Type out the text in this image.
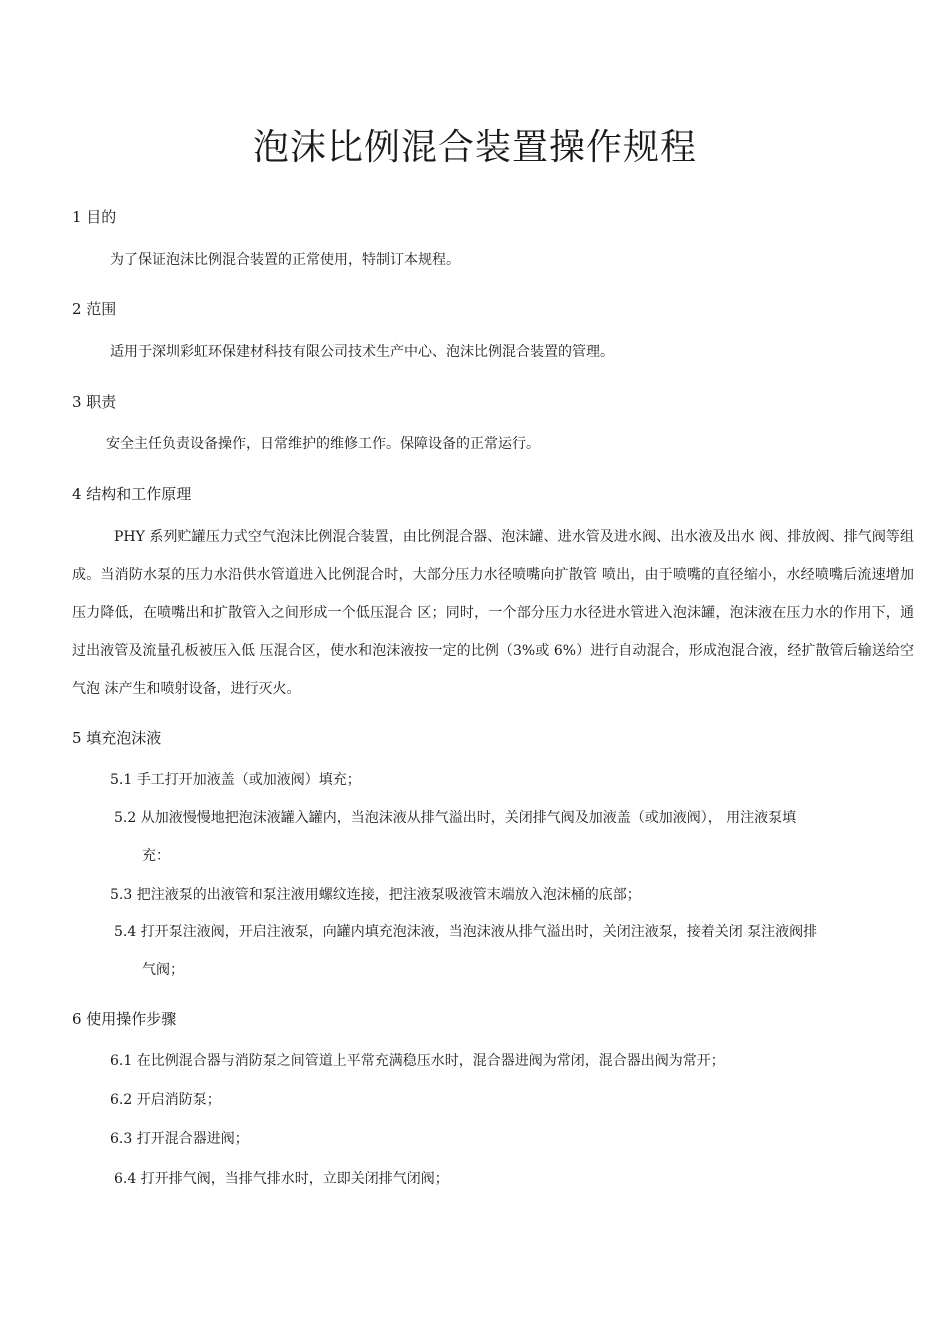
泡沫比例混合装置操作规程
1 目的
为了保证泡沫比例混合装置的正常使用，特制订本规程。
2 范围
适用于深圳彩虹环保建材科技有限公司技术生产中心、泡沫比例混合装置的管理。
3 职责
安全主任负责设备操作，日常维护的维修工作。保障设备的正常运行。
4 结构和工作原理
PHY 系列贮罐压力式空气泡沫比例混合装置，由比例混合器、泡沫罐、进水管及进水阀、出水液及出水 阀、排放阀、排气阀等组成。当消防水泵的压力水沿供水管道进入比例混合时，大部分压力水径喷嘴向扩散管 喷出，由于喷嘴的直径缩小，水经喷嘴后流速增加压力降低，在喷嘴出和扩散管入之间形成一个低压混合 区；同时，一个部分压力水径进水管进入泡沫罐，泡沫液在压力水的作用下，通过出液管及流量孔板被压入低 压混合区，使水和泡沫液按一定的比例（3%或 6%）进行自动混合，形成泡混合液，经扩散管后输送给空气泡 沫产生和喷射设备，进行灭火。
5 填充泡沫液
5.1 手工打开加液盖（或加液阀）填充；
5.2 从加液慢慢地把泡沫液罐入罐内，当泡沫液从排气溢出时，关闭排气阀及加液盖（或加液阀）， 用注液泵填
充：
5.3 把注液泵的出液管和泵注液用螺纹连接，把注液泵吸液管末端放入泡沫桶的底部；
5.4 打开泵注液阀，开启注液泵，向罐内填充泡沫液，当泡沫液从排气溢出时，关闭注液泵，接着关闭 泵注液阀排
气阀；
6 使用操作步骤
6.1 在比例混合器与消防泵之间管道上平常充满稳压水时，混合器进阀为常闭，混合器出阀为常开；
6.2 开启消防泵；
6.3 打开混合器进阀；
6.4 打开排气阀，当排气排水时，立即关闭排气闭阀；
